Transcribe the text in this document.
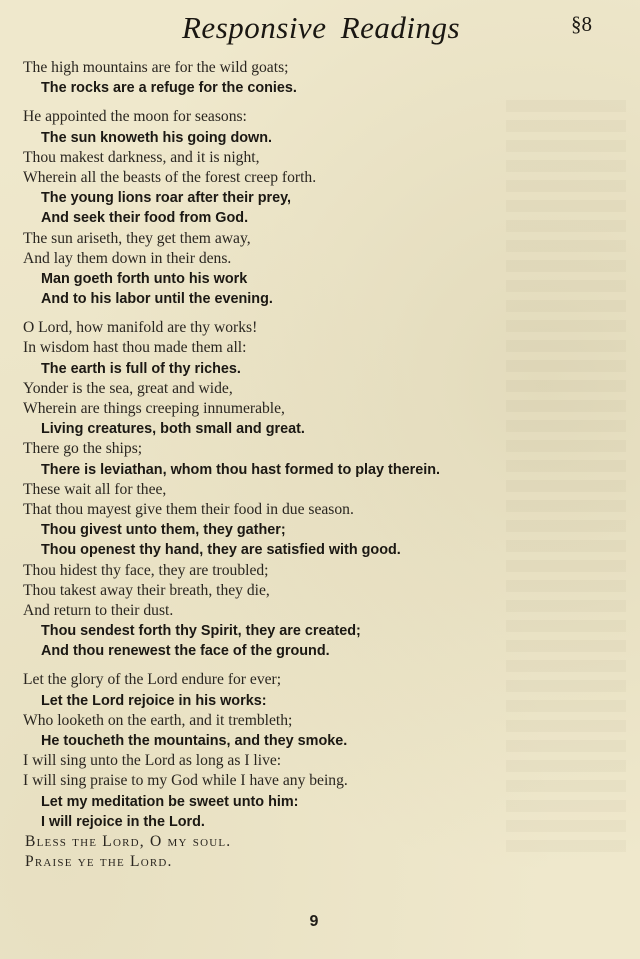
Responsive Readings	§8
The high mountains are for the wild goats;
The rocks are a refuge for the conies.
He appointed the moon for seasons:
The sun knoweth his going down.
Thou makest darkness, and it is night,
Wherein all the beasts of the forest creep forth.
The young lions roar after their prey,
And seek their food from God.
The sun ariseth, they get them away,
And lay them down in their dens.
Man goeth forth unto his work
And to his labor until the evening.
O Lord, how manifold are thy works!
In wisdom hast thou made them all:
The earth is full of thy riches.
Yonder is the sea, great and wide,
Wherein are things creeping innumerable,
Living creatures, both small and great.
There go the ships;
There is leviathan, whom thou hast formed to play therein.
These wait all for thee,
That thou mayest give them their food in due season.
Thou givest unto them, they gather;
Thou openest thy hand, they are satisfied with good.
Thou hidest thy face, they are troubled;
Thou takest away their breath, they die,
And return to their dust.
Thou sendest forth thy Spirit, they are created;
And thou renewest the face of the ground.
Let the glory of the Lord endure for ever;
Let the Lord rejoice in his works:
Who looketh on the earth, and it trembleth;
He toucheth the mountains, and they smoke.
I will sing unto the Lord as long as I live:
I will sing praise to my God while I have any being.
Let my meditation be sweet unto him:
I will rejoice in the Lord.
Bless the Lord, O my soul.
Praise ye the Lord.
9
